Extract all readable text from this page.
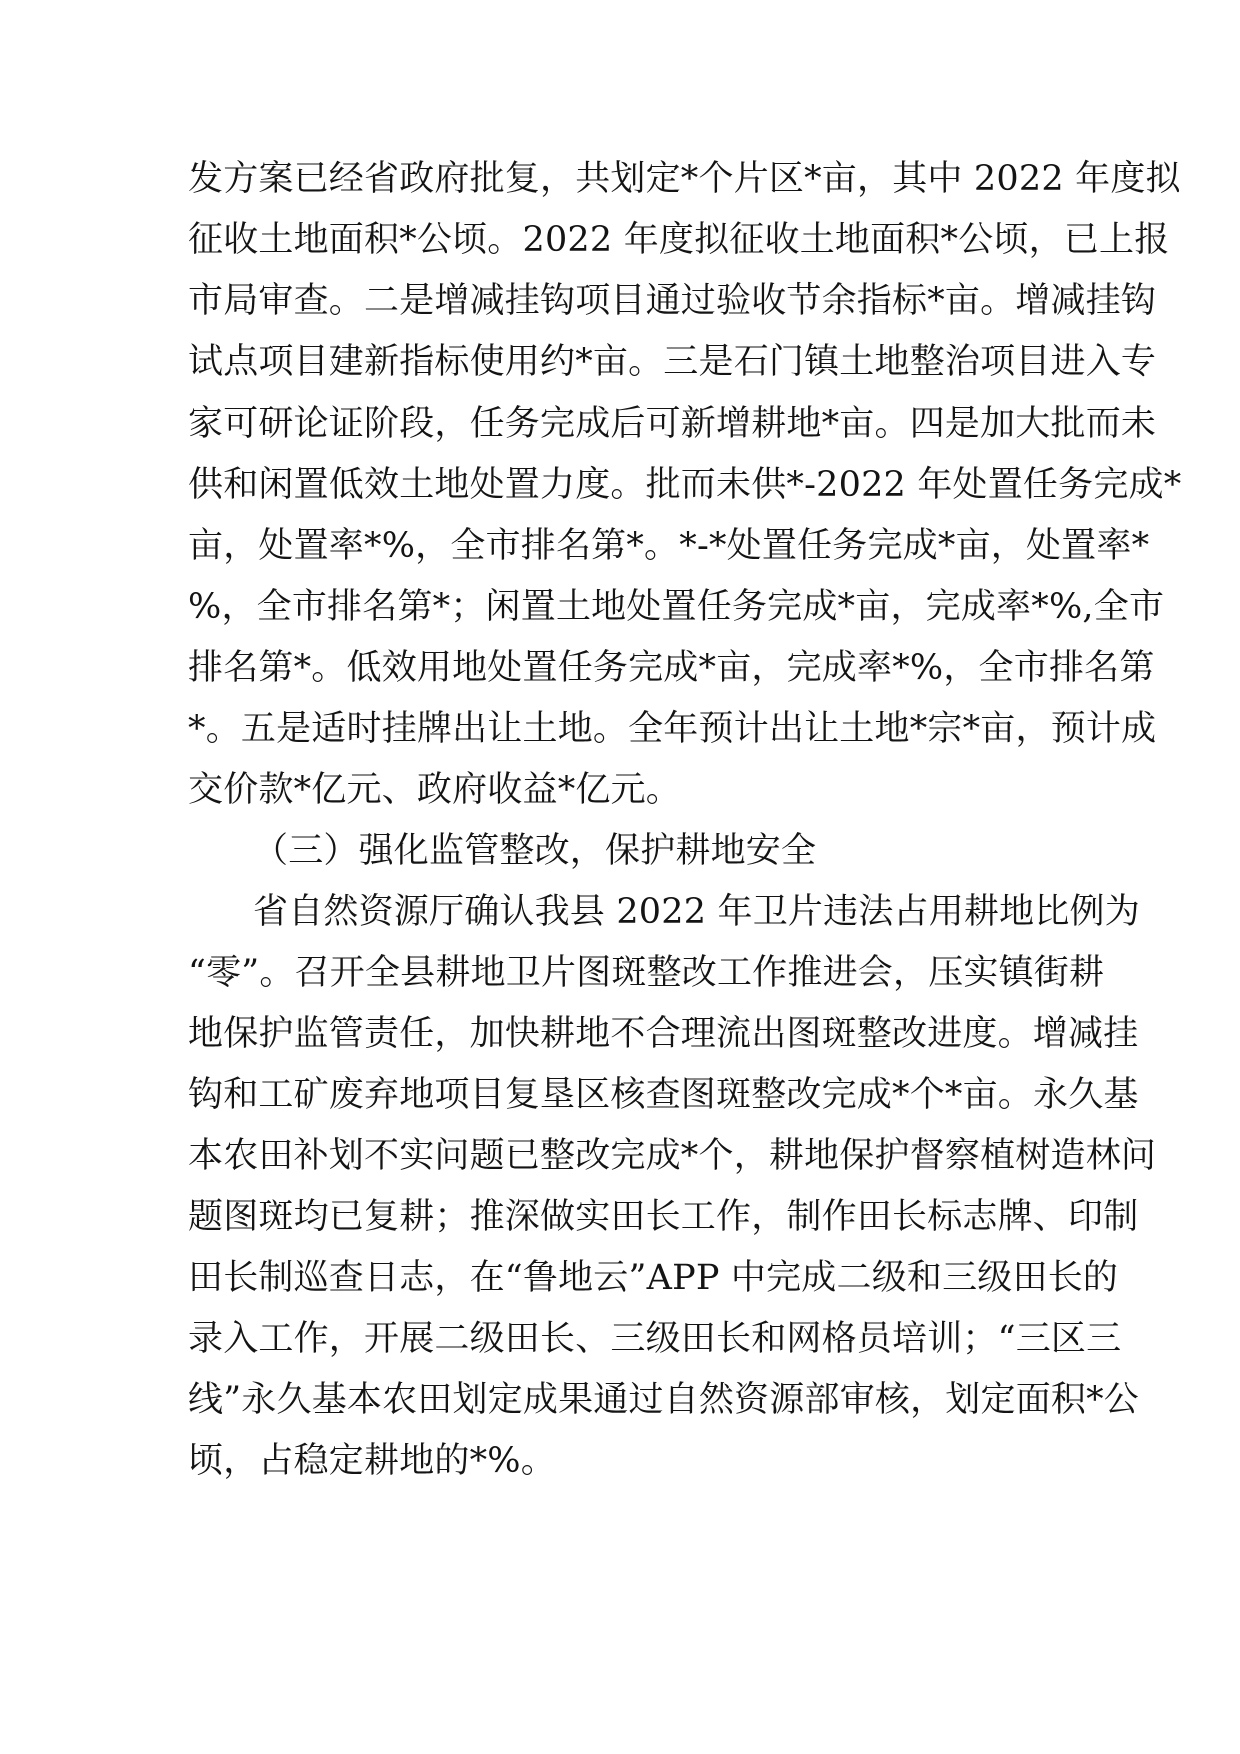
发方案已经省政府批复，共划定*个片区*亩，其中 2022 年度拟

征收土地面积*公顷。2022 年度拟征收土地面积*公顷，已上报

市局审查。二是增减挂钩项目通过验收节余指标*亩。增减挂钩

试点项目建新指标使用约*亩。三是石门镇土地整治项目进入专

家可研论证阶段，任务完成后可新增耕地*亩。四是加大批而未

供和闲置低效土地处置力度。批而未供*-2022 年处置任务完成*

亩，处置率*%，全市排名第*。*-*处置任务完成*亩，处置率*

%，全市排名第*；闲置土地处置任务完成*亩，完成率*%,全市

排名第*。低效用地处置任务完成*亩，完成率*%，全市排名第

*。五是适时挂牌出让土地。全年预计出让土地*宗*亩，预计成

交价款*亿元、政府收益*亿元。

（三）强化监管整改，保护耕地安全

省自然资源厅确认我县 2022 年卫片违法占用耕地比例为

“零”。召开全县耕地卫片图斑整改工作推进会，压实镇街耕

地保护监管责任，加快耕地不合理流出图斑整改进度。增减挂

钩和工矿废弃地项目复垦区核查图斑整改完成*个*亩。永久基

本农田补划不实问题已整改完成*个，耕地保护督察植树造林问

题图斑均已复耕；推深做实田长工作，制作田长标志牌、印制

田长制巡查日志，在“鲁地云”APP 中完成二级和三级田长的

录入工作，开展二级田长、三级田长和网格员培训；“三区三

线”永久基本农田划定成果通过自然资源部审核，划定面积*公

顷，占稳定耕地的*%。
